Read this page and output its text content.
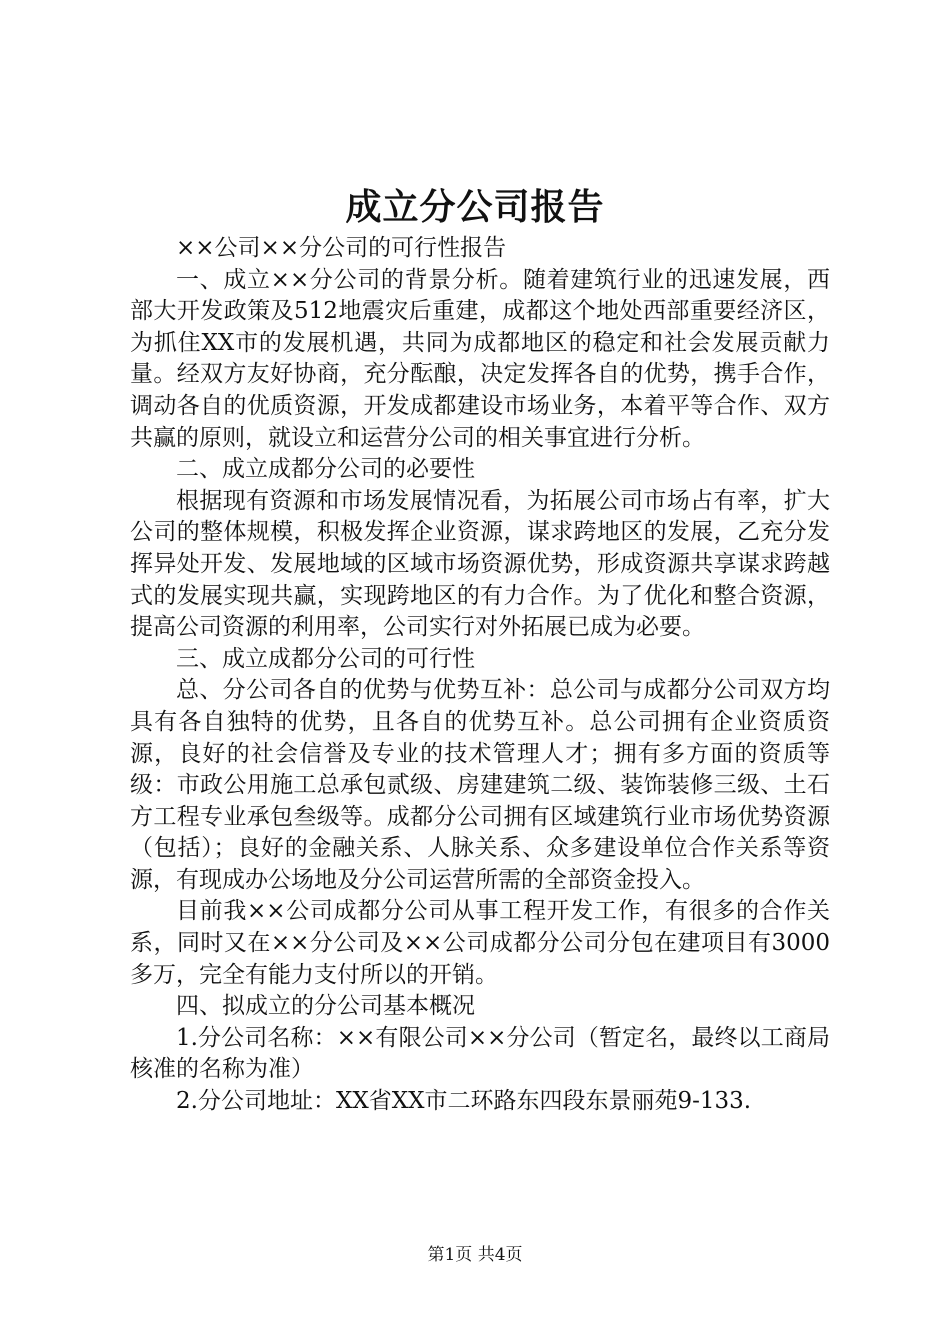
成立分公司报告

××公司××分公司的可行性报告

一、成立××分公司的背景分析。随着建筑行业的迅速发展，西部大开发政策及512地震灾后重建，成都这个地处西部重要经济区，为抓住XX市的发展机遇，共同为成都地区的稳定和社会发展贡献力量。经双方友好协商，充分酝酿，决定发挥各自的优势，携手合作，调动各自的优质资源，开发成都建设市场业务，本着平等合作、双方共赢的原则，就设立和运营分公司的相关事宜进行分析。

二、成立成都分公司的必要性

根据现有资源和市场发展情况看，为拓展公司市场占有率，扩大公司的整体规模，积极发挥企业资源，谋求跨地区的发展，乙充分发挥异处开发、发展地域的区域市场资源优势，形成资源共享谋求跨越式的发展实现共赢，实现跨地区的有力合作。为了优化和整合资源，提高公司资源的利用率，公司实行对外拓展已成为必要。

三、成立成都分公司的可行性

总、分公司各自的优势与优势互补：总公司与成都分公司双方均具有各自独特的优势，且各自的优势互补。总公司拥有企业资质资源，良好的社会信誉及专业的技术管理人才；拥有多方面的资质等级：市政公用施工总承包贰级、房建建筑二级、装饰装修三级、土石方工程专业承包叁级等。成都分公司拥有区域建筑行业市场优势资源（包括）；良好的金融关系、人脉关系、众多建设单位合作关系等资源，有现成办公场地及分公司运营所需的全部资金投入。

目前我××公司成都分公司从事工程开发工作，有很多的合作关系，同时又在××分公司及××公司成都分公司分包在建项目有3000多万，完全有能力支付所以的开销。

四、拟成立的分公司基本概况

1.分公司名称：××有限公司××分公司（暂定名，最终以工商局核准的名称为准）

2.分公司地址：XX省XX市二环路东四段东景丽苑9-133.

第1页 共4页
